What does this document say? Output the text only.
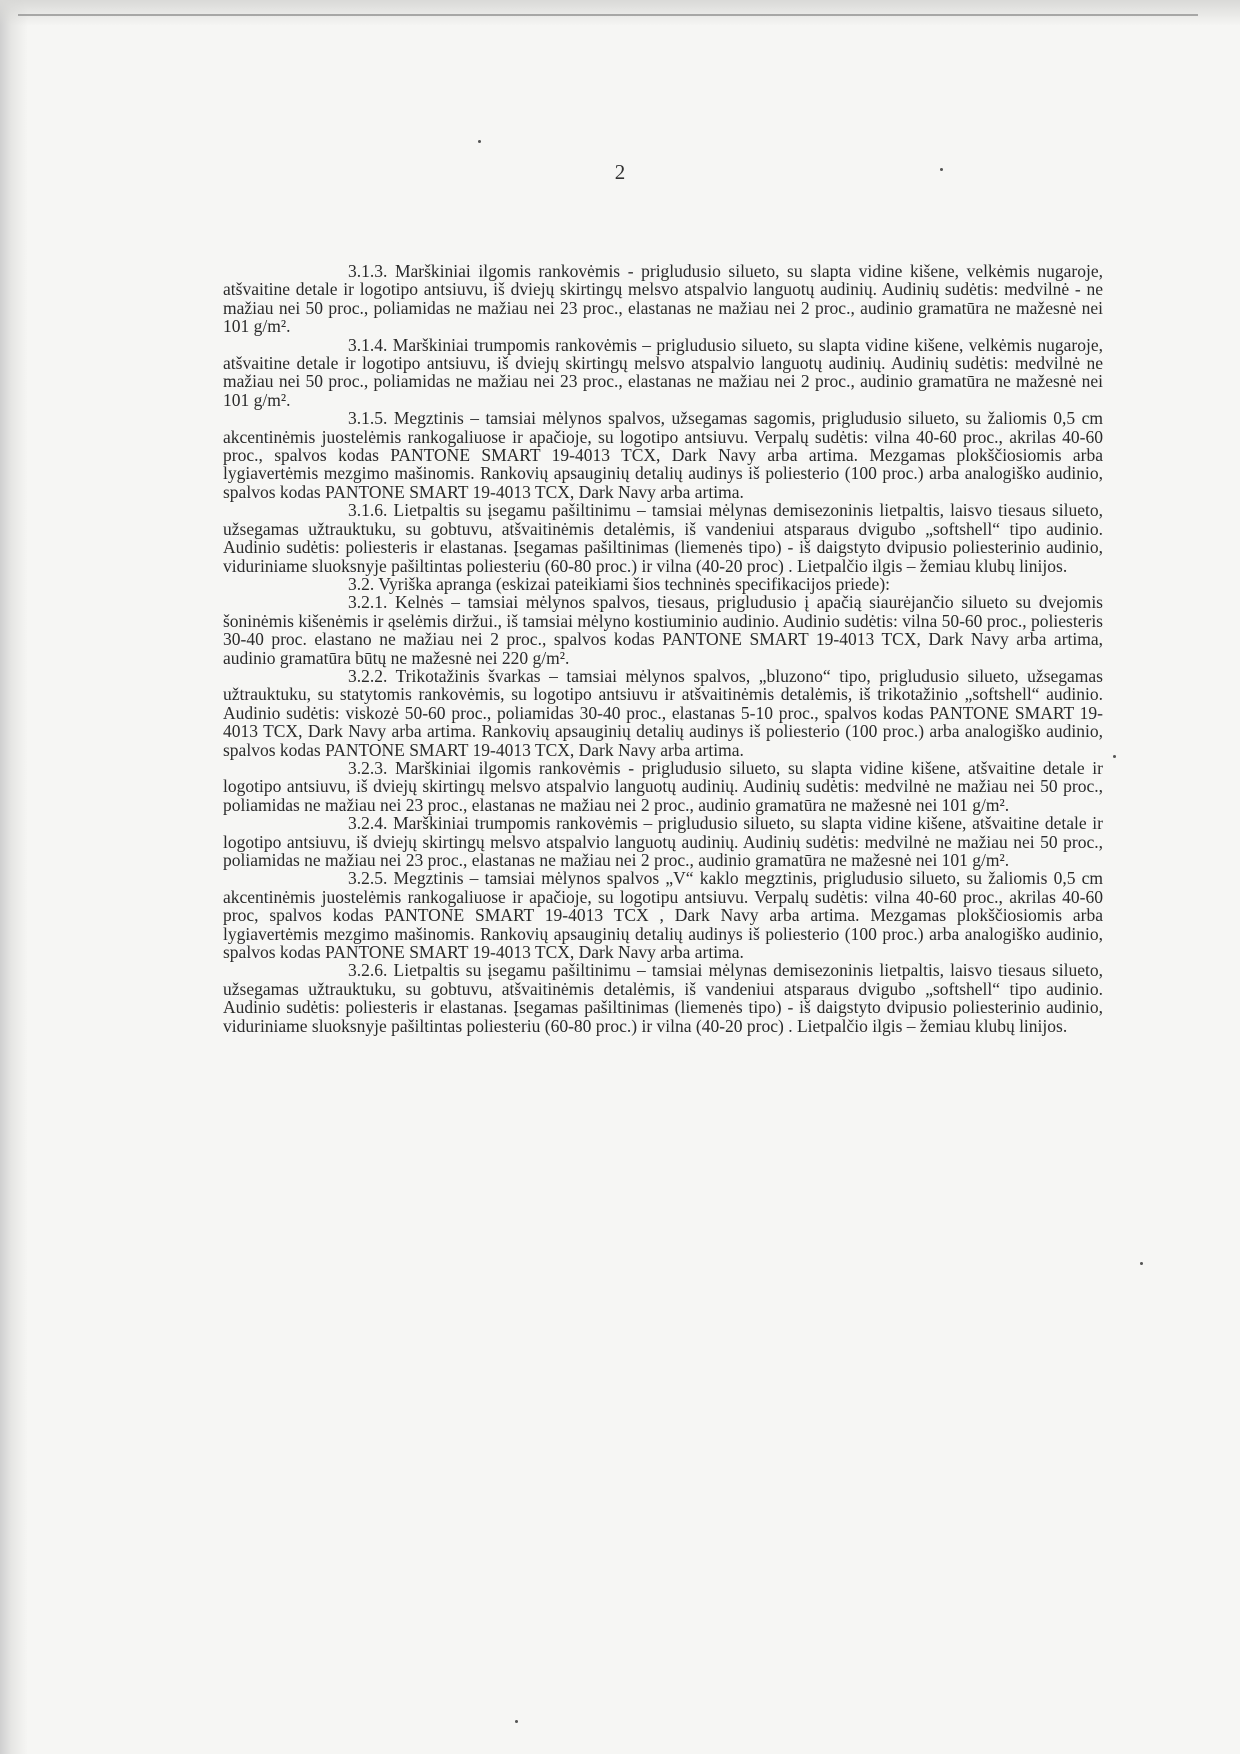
2

3.1.3. Marškiniai ilgomis rankovėmis - prigludusio silueto, su slapta vidine kišene, velkėmis nugaroje, atšvaitine detale ir logotipo antsiuvu, iš dviejų skirtingų melsvo atspalvio languotų audinių. Audinių sudėtis: medvilnė - ne mažiau nei 50 proc., poliamidas ne mažiau nei 23 proc., elastanas ne mažiau nei 2 proc., audinio gramatūra ne mažesnė nei 101 g/m².

3.1.4. Marškiniai trumpomis rankovėmis – prigludusio silueto, su slapta vidine kišene, velkėmis nugaroje, atšvaitine detale ir logotipo antsiuvu, iš dviejų skirtingų melsvo atspalvio languotų audinių. Audinių sudėtis: medvilnė ne mažiau nei 50 proc., poliamidas ne mažiau nei 23 proc., elastanas ne mažiau nei 2 proc., audinio gramatūra ne mažesnė nei 101 g/m².

3.1.5. Megztinis – tamsiai mėlynos spalvos, užsegamas sagomis, prigludusio silueto, su žaliomis 0,5 cm akcentinėmis juostelėmis rankogaliuose ir apačioje, su logotipo antsiuvu. Verpalų sudėtis: vilna 40-60 proc., akrilas 40-60 proc., spalvos kodas PANTONE SMART 19-4013 TCX, Dark Navy arba artima. Mezgamas plokščiosiomis arba lygiavertėmis mezgimo mašinomis. Rankovių apsauginių detalių audinys iš poliesterio (100 proc.) arba analogiško audinio, spalvos kodas PANTONE SMART 19-4013 TCX, Dark Navy arba artima.

3.1.6. Lietpaltis su įsegamu pašiltinimu – tamsiai mėlynas demisezoninis lietpaltis, laisvo tiesaus silueto, užsegamas užtrauktuku, su gobtuvu, atšvaitinėmis detalėmis, iš vandeniui atsparaus dvigubo „softshell“ tipo audinio. Audinio sudėtis: poliesteris ir elastanas. Įsegamas pašiltinimas (liemenės tipo) - iš daigstyto dvipusio poliesterinio audinio, viduriniame sluoksnyje pašiltintas poliesteriu (60-80 proc.) ir vilna (40-20 proc) . Lietpalčio ilgis – žemiau klubų linijos.

3.2. Vyriška apranga (eskizai pateikiami šios techninės specifikacijos priede):

3.2.1. Kelnės – tamsiai mėlynos spalvos, tiesaus, prigludusio į apačią siaurėjančio silueto su dvejomis šoninėmis kišenėmis ir ąselėmis diržui., iš tamsiai mėlyno kostiuminio audinio. Audinio sudėtis: vilna 50-60 proc., poliesteris 30-40 proc. elastano ne mažiau nei 2 proc., spalvos kodas PANTONE SMART 19-4013 TCX, Dark Navy arba artima, audinio gramatūra būtų ne mažesnė nei 220 g/m².

3.2.2. Trikotažinis švarkas – tamsiai mėlynos spalvos, „bluzono“ tipo, prigludusio silueto, užsegamas užtrauktuku, su statytomis rankovėmis, su logotipo antsiuvu ir atšvaitinėmis detalėmis, iš trikotažinio „softshell“ audinio. Audinio sudėtis: viskozė 50-60 proc., poliamidas 30-40 proc., elastanas 5-10 proc., spalvos kodas PANTONE SMART 19-4013 TCX, Dark Navy arba artima. Rankovių apsauginių detalių audinys iš poliesterio (100 proc.) arba analogiško audinio, spalvos kodas PANTONE SMART 19-4013 TCX, Dark Navy arba artima.

3.2.3. Marškiniai ilgomis rankovėmis - prigludusio silueto, su slapta vidine kišene, atšvaitine detale ir logotipo antsiuvu, iš dviejų skirtingų melsvo atspalvio languotų audinių. Audinių sudėtis: medvilnė ne mažiau nei 50 proc., poliamidas ne mažiau nei 23 proc., elastanas ne mažiau nei 2 proc., audinio gramatūra ne mažesnė nei 101 g/m².

3.2.4. Marškiniai trumpomis rankovėmis – prigludusio silueto, su slapta vidine kišene, atšvaitine detale ir logotipo antsiuvu, iš dviejų skirtingų melsvo atspalvio languotų audinių. Audinių sudėtis: medvilnė ne mažiau nei 50 proc., poliamidas ne mažiau nei 23 proc., elastanas ne mažiau nei 2 proc., audinio gramatūra ne mažesnė nei 101 g/m².

3.2.5. Megztinis – tamsiai mėlynos spalvos „V“ kaklo megztinis, prigludusio silueto, su žaliomis 0,5 cm akcentinėmis juostelėmis rankogaliuose ir apačioje, su logotipu antsiuvu. Verpalų sudėtis: vilna 40-60 proc., akrilas 40-60 proc, spalvos kodas PANTONE SMART 19-4013 TCX , Dark Navy arba artima. Mezgamas plokščiosiomis arba lygiavertėmis mezgimo mašinomis. Rankovių apsauginių detalių audinys iš poliesterio (100 proc.) arba analogiško audinio, spalvos kodas PANTONE SMART 19-4013 TCX, Dark Navy arba artima.

3.2.6. Lietpaltis su įsegamu pašiltinimu – tamsiai mėlynas demisezoninis lietpaltis, laisvo tiesaus silueto, užsegamas užtrauktuku, su gobtuvu, atšvaitinėmis detalėmis, iš vandeniui atsparaus dvigubo „softshell“ tipo audinio. Audinio sudėtis: poliesteris ir elastanas. Įsegamas pašiltinimas (liemenės tipo) - iš daigstyto dvipusio poliesterinio audinio, viduriniame sluoksnyje pašiltintas poliesteriu (60-80 proc.) ir vilna (40-20 proc) . Lietpalčio ilgis – žemiau klubų linijos.
